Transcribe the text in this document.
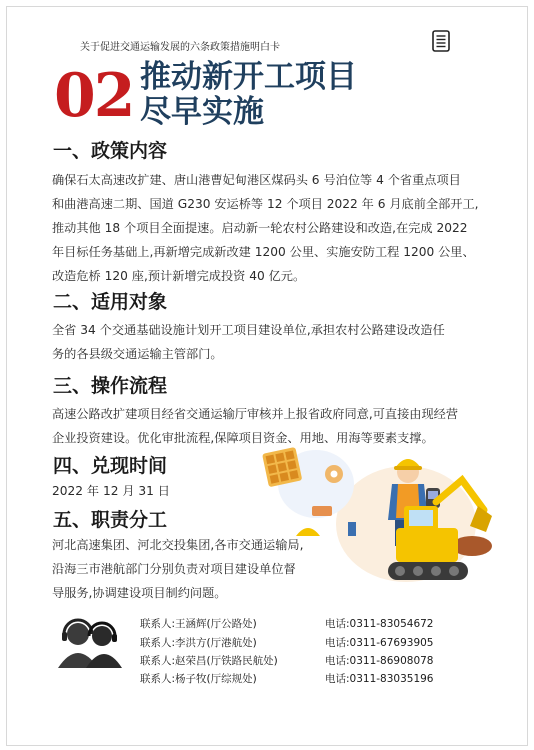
关于促进交通运输发展的六条政策措施明白卡
02 推动新开工项目
尽早实施
一、政策内容
确保石太高速改扩建、唐山港曹妃甸港区煤码头 6 号泊位等 4 个省重点项目
和曲港高速二期、国道 G230 安运桥等 12 个项目 2022 年 6 月底前全部开工,
推动其他 18 个项目全面提速。启动新一轮农村公路建设和改造,在完成 2022
年目标任务基础上,再新增完成新改建 1200 公里、实施安防工程 1200 公里、
改造危桥 120 座,预计新增完成投资 40 亿元。
二、适用对象
全省 34 个交通基础设施计划开工项目建设单位,承担农村公路建设改造任
务的各县级交通运输主管部门。
三、操作流程
高速公路改扩建项目经省交通运输厅审核并上报省政府同意,可直接由现经营
企业投资建设。优化审批流程,保障项目资金、用地、用海等要素支撑。
四、兑现时间
2022 年 12 月 31 日
五、职责分工
河北高速集团、河北交投集团,各市交通运输局,
沿海三市港航部门分别负责对项目建设单位督
导服务,协调建设项目制约问题。
联系人:王涵辉(厅公路处)	电话:0311-83054672
联系人:李洪方(厅港航处)	电话:0311-67693905
联系人:赵荣昌(厅铁路民航处)	电话:0311-86908078
联系人:杨子牧(厅综规处)	电话:0311-83035196
